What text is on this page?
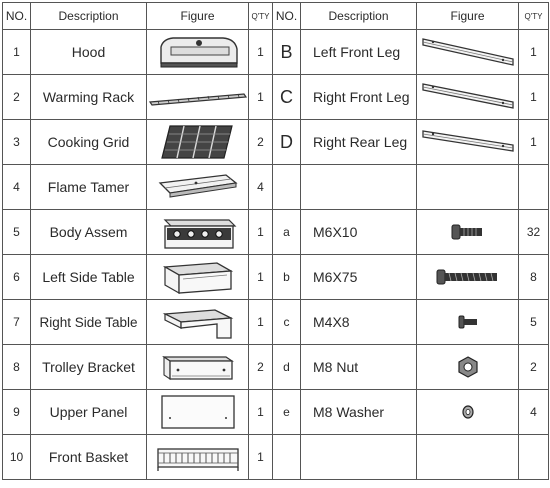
NO.	Description	Figure	Q'TY	NO.	Description	Figure	Q'TY
1	Hood		1	B	Left Front Leg		1
2	Warming Rack		1	C	Right Front Leg		1
3	Cooking Grid		2	D	Right Rear Leg		1
4	Flame Tamer		4				
5	Body Assem		1	a	M6X10		32
6	Left Side Table		1	b	M6X75		8
7	Right Side Table		1	c	M4X8		5
8	Trolley Bracket		2	d	M8 Nut		2
9	Upper Panel		1	e	M8 Washer		4
10	Front Basket		1				
